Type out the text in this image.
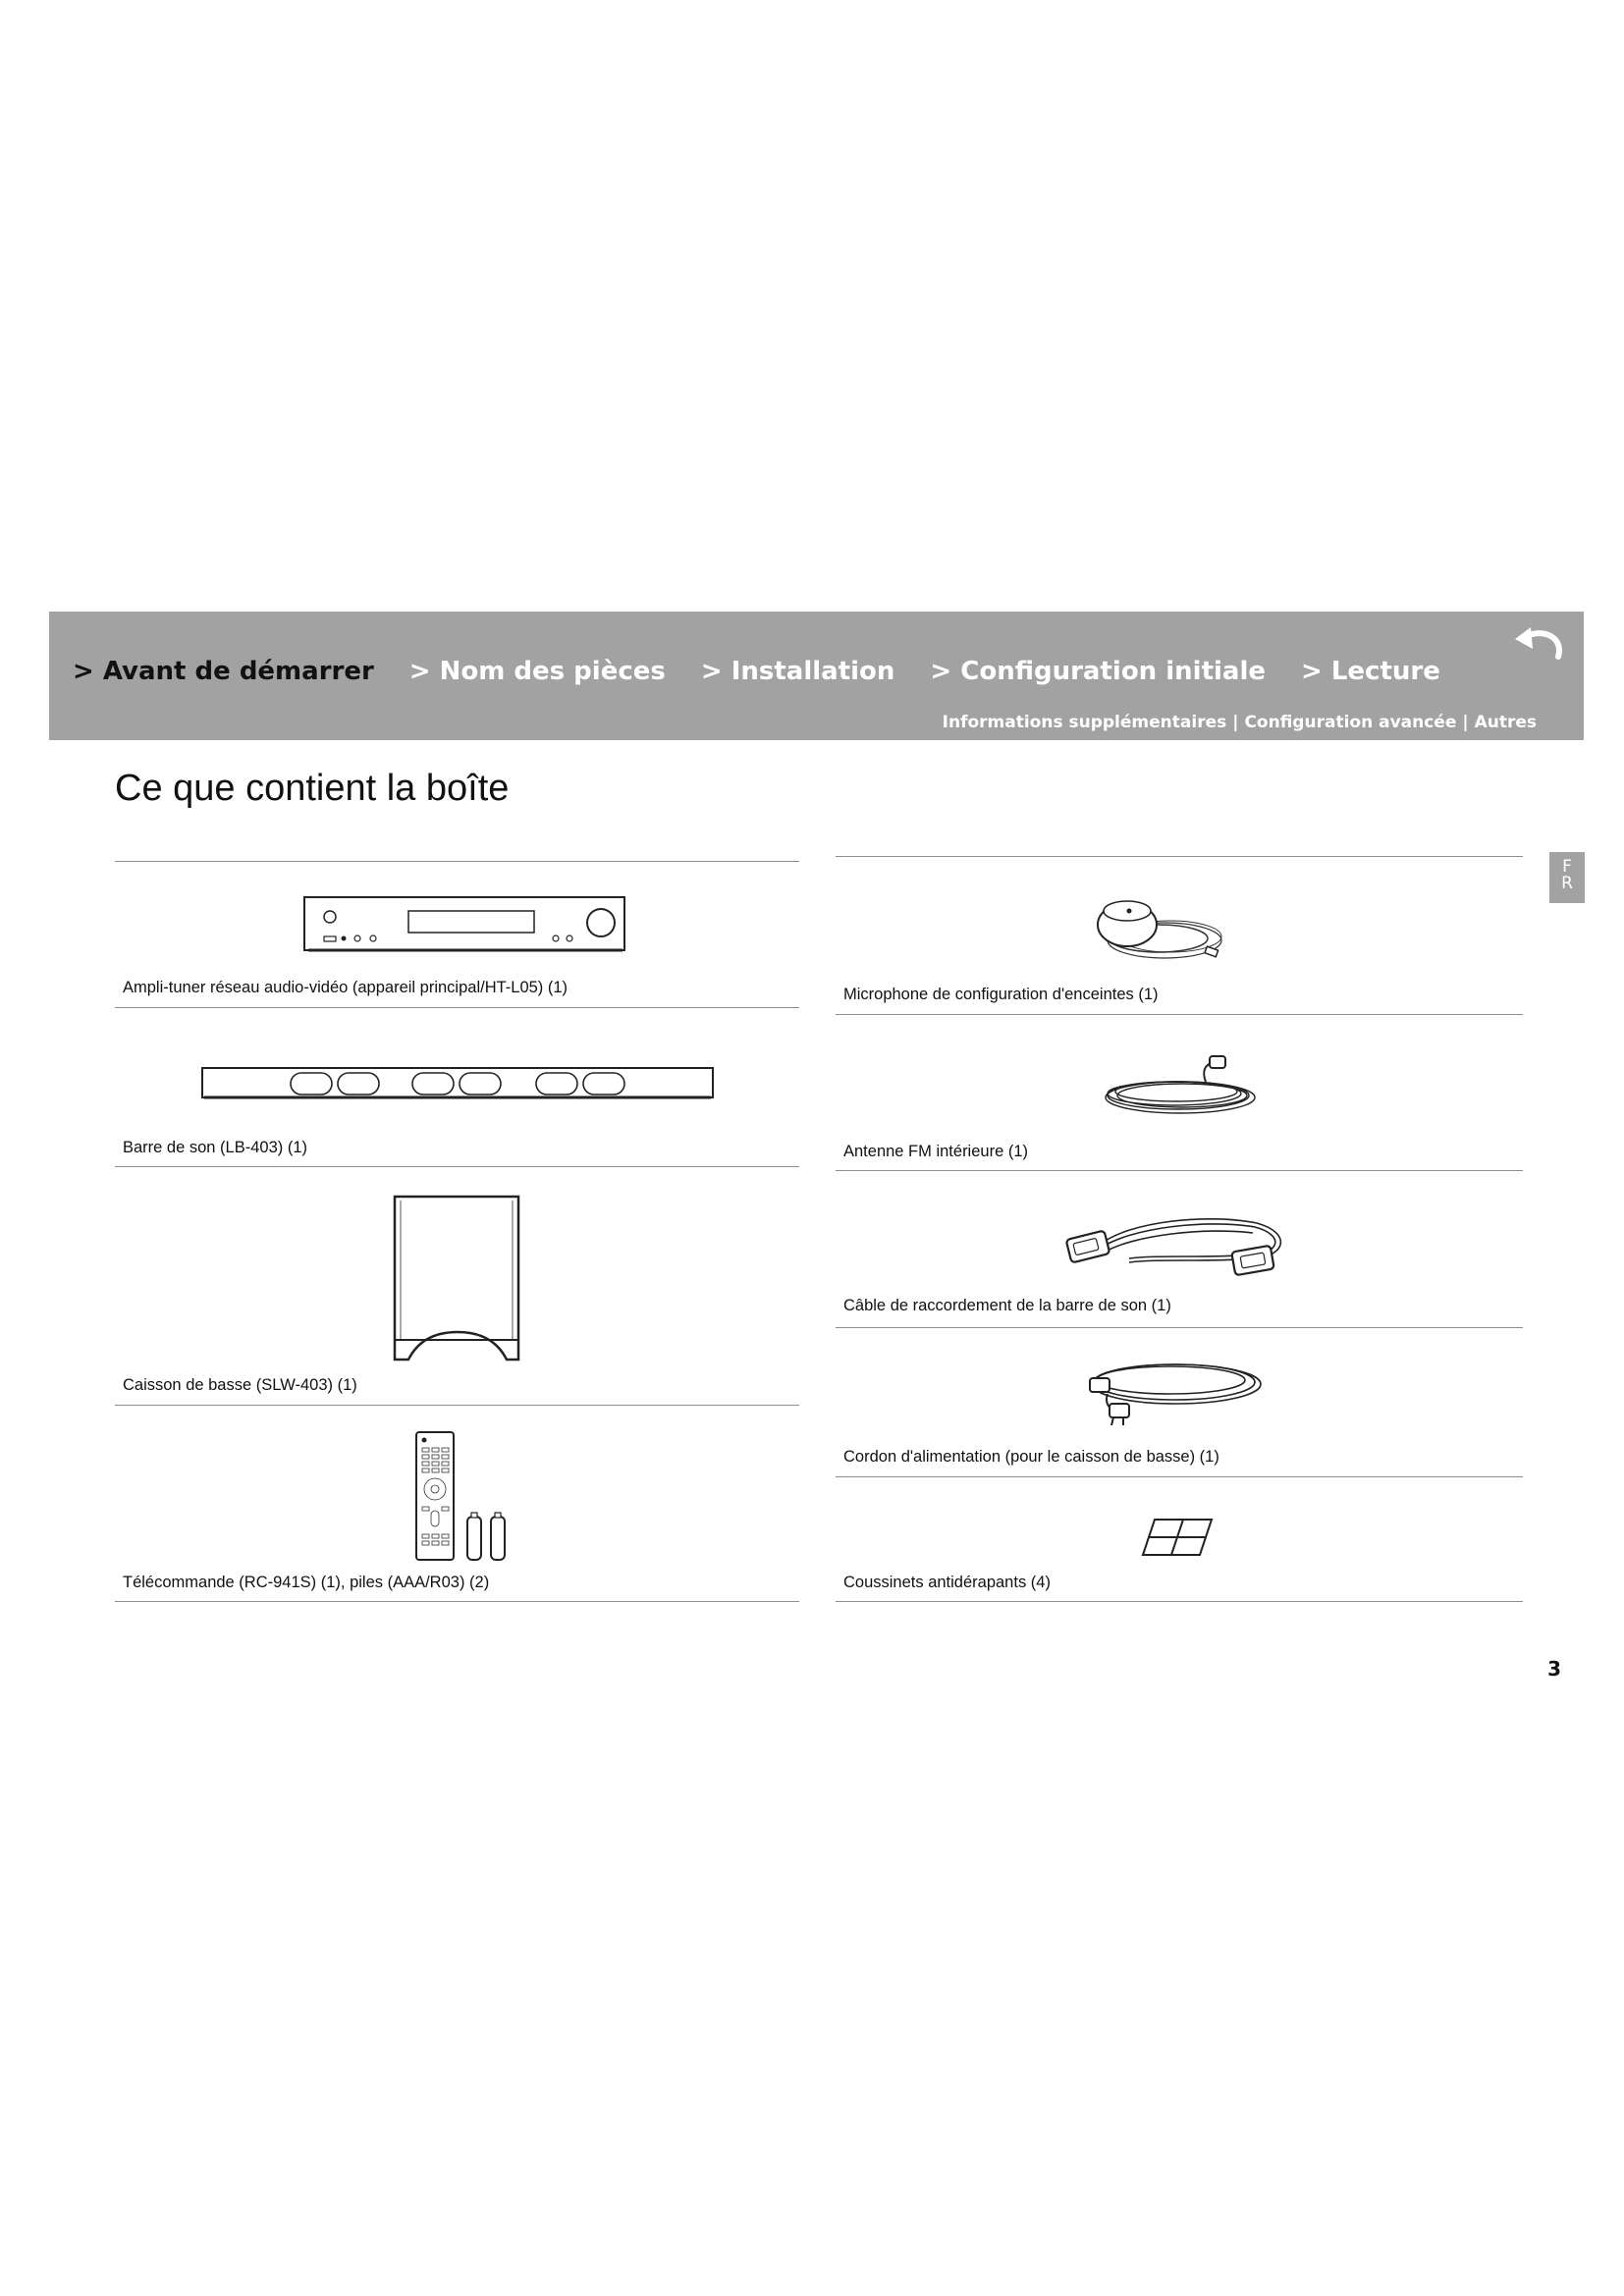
> Avant de démarrer > Nom des pièces > Installation > Configuration initiale > Lecture
Informations supplémentaires | Configuration avancée | Autres
Ce que contient la boîte
F
R
Ampli-tuner réseau audio-vidéo (appareil principal/HT-L05) (1)
Barre de son (LB-403) (1)
Caisson de basse (SLW-403) (1)
Télécommande (RC-941S) (1), piles (AAA/R03) (2)
Microphone de configuration d'enceintes (1)
Antenne FM intérieure (1)
Câble de raccordement de la barre de son (1)
Cordon d'alimentation (pour le caisson de basse) (1)
Coussinets antidérapants (4)
3
